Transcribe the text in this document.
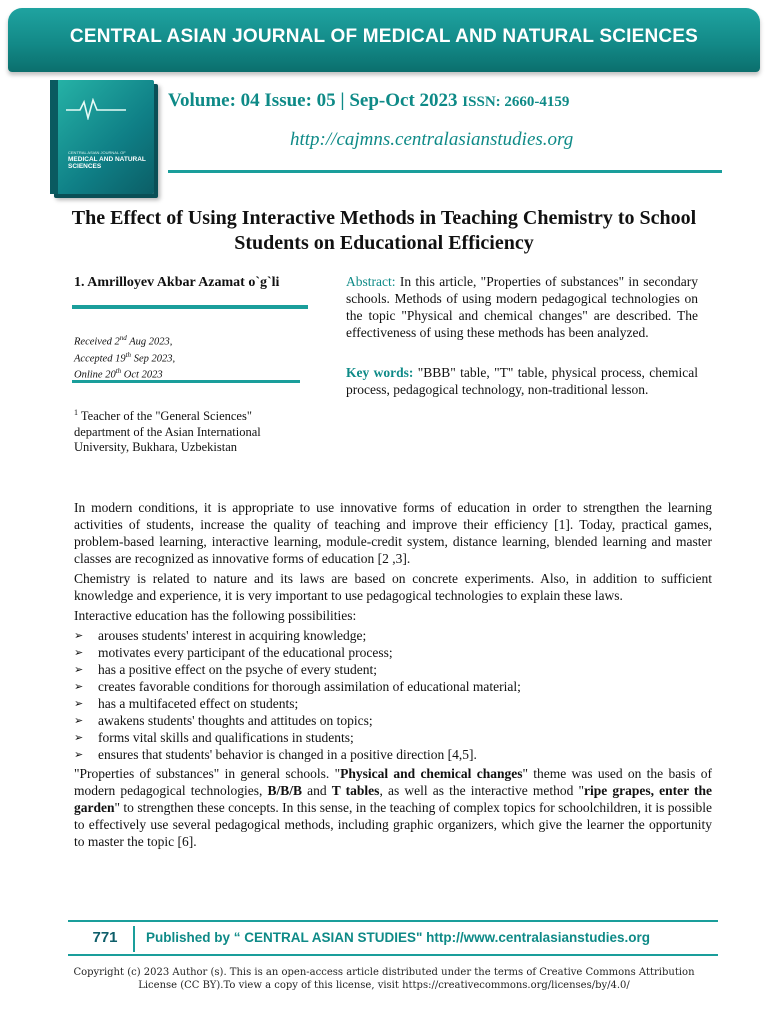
CENTRAL ASIAN JOURNAL OF MEDICAL AND NATURAL SCIENCES
CENTRAL ASIAN JOURNAL OF
MEDICAL AND NATURAL SCIENCES
Volume: 04 Issue: 05 | Sep-Oct 2023 ISSN: 2660-4159
http://cajmns.centralasianstudies.org
The Effect of Using Interactive Methods in Teaching Chemistry to School Students on Educational Efficiency
1. Amrilloyev Akbar Azamat o`g`li
Received 2nd Aug 2023,
Accepted 19th Sep 2023,
Online 20th Oct 2023
$^1$ Teacher of the "General Sciences" department of the Asian International University, Bukhara, Uzbekistan
Abstract: In this article, "Properties of substances" in secondary schools. Methods of using modern pedagogical technologies on the topic "Physical and chemical changes" are described. The effectiveness of using these methods has been analyzed.
Key words: "BBB" table, "T" table, physical process, chemical process, pedagogical technology, non-traditional lesson.

In modern conditions, it is appropriate to use innovative forms of education in order to strengthen the learning activities of students, increase the quality of teaching and improve their efficiency [1]. Today, practical games, problem-based learning, interactive learning, module-credit system, distance learning, blended learning and master classes are recognized as innovative forms of education [2 ,3].

Chemistry is related to nature and its laws are based on concrete experiments. Also, in addition to sufficient knowledge and experience, it is very important to use pedagogical technologies to explain these laws.

Interactive education has the following possibilities:

➢ arouses students' interest in acquiring knowledge;
➢ motivates every participant of the educational process;
➢ has a positive effect on the psyche of every student;
➢ creates favorable conditions for thorough assimilation of educational material;
➢ has a multifaceted effect on students;
➢ awakens students' thoughts and attitudes on topics;
➢ forms vital skills and qualifications in students;
➢ ensures that students' behavior is changed in a positive direction [4,5].

"Properties of substances" in general schools. "Physical and chemical changes" theme was used on the basis of modern pedagogical technologies, B/B/B and T tables, as well as the interactive method "ripe grapes, enter the garden" to strengthen these concepts. In this sense, in the teaching of complex topics for schoolchildren, it is possible to effectively use several pedagogical methods, including graphic organizers, which give the learner the opportunity to master the topic [6].

771	Published by “ CENTRAL ASIAN STUDIES" http://www.centralasianstudies.org
Copyright (c) 2023 Author (s). This is an open-access article distributed under the terms of Creative Commons Attribution License (CC BY).To view a copy of this license, visit https://creativecommons.org/licenses/by/4.0/
